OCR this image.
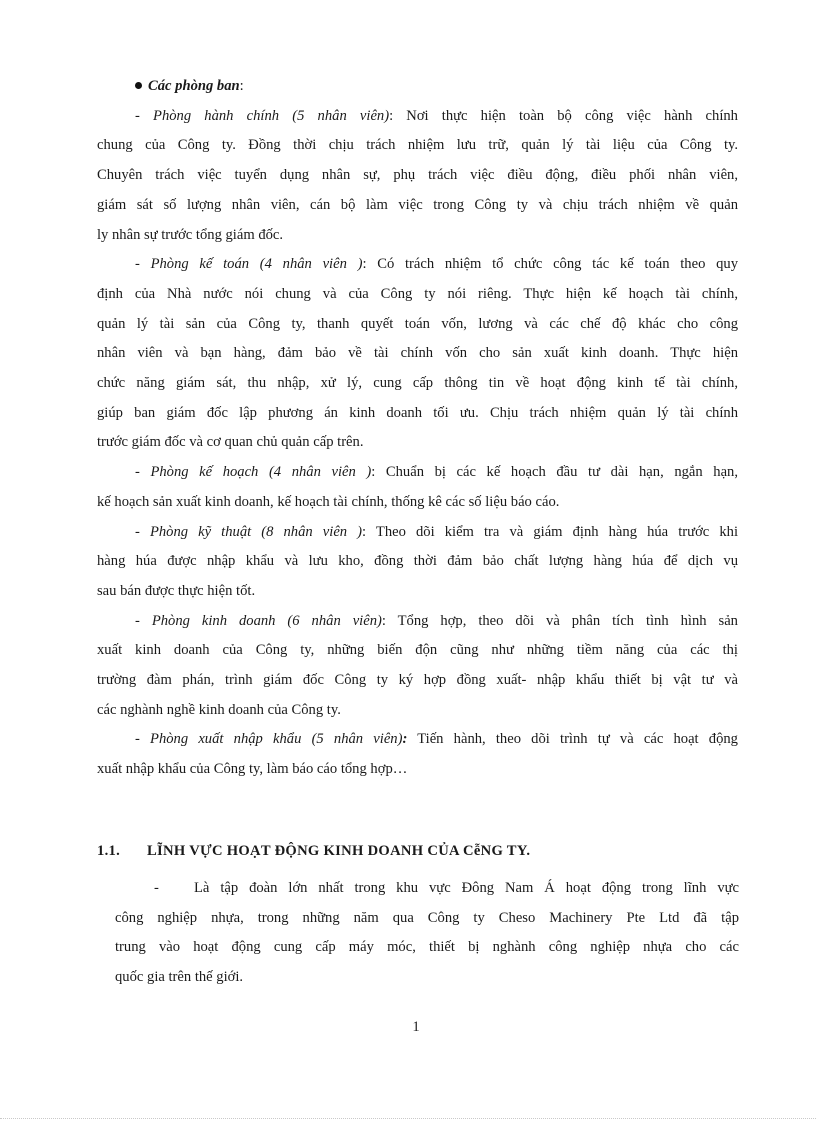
Các phòng ban:
- Phòng hành chính (5 nhân viên): Nơi thực hiện toàn bộ công việc hành chính
chung của Công ty. Đồng thời chịu trách nhiệm lưu trữ, quản lý tài liệu của Công ty.
Chuyên trách việc tuyển dụng nhân sự, phụ trách việc điều động, điều phối nhân viên,
giám sát số lượng nhân viên, cán bộ làm việc trong Công ty và chịu trách nhiệm về quản
ly nhân sự trước tổng giám đốc.
- Phòng kế toán (4 nhân viên ): Có trách nhiệm tổ chức công tác kế toán theo quy
định của Nhà nước nói chung và của Công ty nói riêng. Thực hiện kế hoạch tài chính,
quản lý tài sản của Công ty, thanh quyết toán vốn, lương và các chế độ khác cho công
nhân viên và bạn hàng, đảm bảo về tài chính vốn cho sản xuất kinh doanh. Thực hiện
chức năng giám sát, thu nhập, xử lý, cung cấp thông tin về hoạt động kinh tế tài chính,
giúp ban giám đốc lập phương án kinh doanh tối ưu. Chịu trách nhiệm quản lý tài chính
trước giám đốc và cơ quan chủ quản cấp trên.
- Phòng kế hoạch (4 nhân viên ): Chuẩn bị các kế hoạch đầu tư dài hạn, ngắn hạn,
kế hoạch sản xuất kinh doanh, kế hoạch tài chính, thống kê các số liệu báo cáo.
- Phòng kỹ thuật (8 nhân viên ): Theo dõi kiểm tra và giám định hàng húa trước khi
hàng húa được nhập khẩu và lưu kho, đồng thời đảm bảo chất lượng hàng húa để dịch vụ
sau bán được thực hiện tốt.
- Phòng kinh doanh (6 nhân viên): Tổng hợp, theo dõi và phân tích tình hình sản
xuất kinh doanh của Công ty, những biến độn cũng như những tiềm năng của các thị
trường đàm phán, trình giám đốc Công ty ký hợp đồng xuất- nhập khẩu thiết bị vật tư và
các nghành nghề kinh doanh của Công ty.
- Phòng xuất nhập khẩu (5 nhân viên): Tiến hành, theo dõi trình tự và các hoạt động
xuất nhập khẩu của Công ty, làm báo cáo tổng hợp…
1.1. LĨNH VỰC HOẠT ĐỘNG KINH DOANH CỦA CễNG TY.
- Là tập đoàn lớn nhất trong khu vực Đông Nam Á hoạt động trong lĩnh vực
công nghiệp nhựa, trong những năm qua Công ty Cheso Machinery Pte Ltd đã tập
trung vào hoạt động cung cấp máy móc, thiết bị nghành công nghiệp nhựa cho các
quốc gia trên thế giới.
1
